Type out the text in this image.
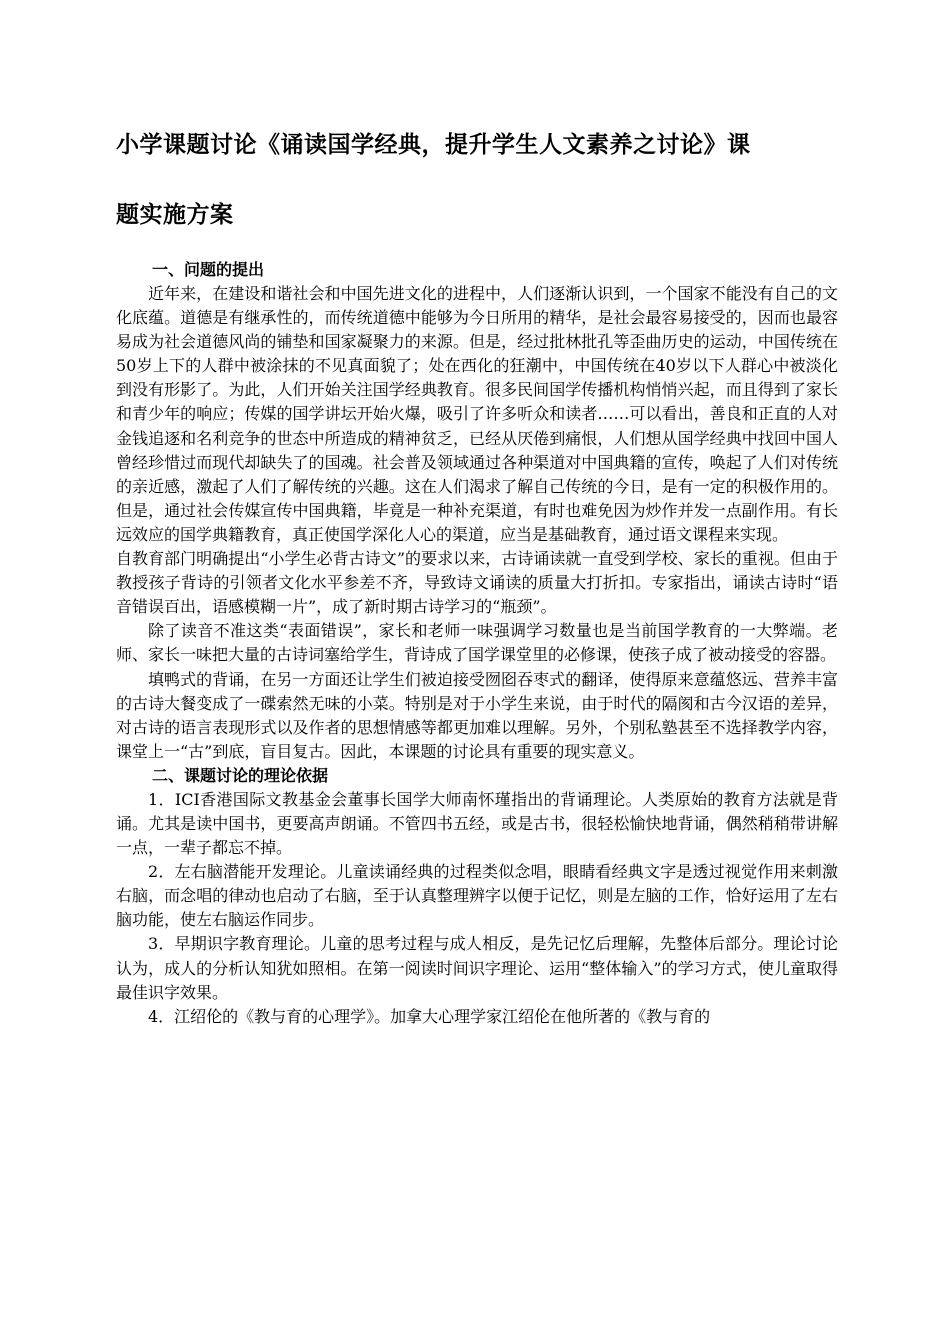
小学课题讨论《诵读国学经典，提升学生人文素养之讨论》课
题实施方案
一、问题的提出

近年来，在建设和谐社会和中国先进文化的进程中，人们逐渐认识到，一个国家不能没有自己的文化底蕴。道德是有继承性的，而传统道德中能够为今日所用的精华，是社会最容易接受的，因而也最容易成为社会道德风尚的铺垫和国家凝聚力的来源。但是，经过批林批孔等歪曲历史的运动，中国传统在50岁上下的人群中被涂抹的不见真面貌了；处在西化的狂潮中，中国传统在40岁以下人群心中被淡化到没有形影了。为此，人们开始关注国学经典教育。很多民间国学传播机构悄悄兴起，而且得到了家长和青少年的响应；传媒的国学讲坛开始火爆，吸引了许多听众和读者……可以看出，善良和正直的人对金钱追逐和名利竞争的世态中所造成的精神贫乏，已经从厌倦到痛恨，人们想从国学经典中找回中国人曾经珍惜过而现代却缺失了的国魂。社会普及领域通过各种渠道对中国典籍的宣传，唤起了人们对传统的亲近感，激起了人们了解传统的兴趣。这在人们渴求了解自己传统的今日，是有一定的积极作用的。但是，通过社会传媒宣传中国典籍，毕竟是一种补充渠道，有时也难免因为炒作并发一点副作用。有长远效应的国学典籍教育，真正使国学深化人心的渠道，应当是基础教育，通过语文课程来实现。

自教育部门明确提出“小学生必背古诗文”的要求以来，古诗诵读就一直受到学校、家长的重视。但由于教授孩子背诗的引领者文化水平参差不齐，导致诗文诵读的质量大打折扣。专家指出，诵读古诗时“语音错误百出，语感模糊一片”，成了新时期古诗学习的“瓶颈”。

除了读音不准这类“表面错误”，家长和老师一味强调学习数量也是当前国学教育的一大弊端。老师、家长一味把大量的古诗词塞给学生，背诗成了国学课堂里的必修课，使孩子成了被动接受的容器。

填鸭式的背诵，在另一方面还让学生们被迫接受囫囵吞枣式的翻译，使得原来意蕴悠远、营养丰富的古诗大餐变成了一碟索然无味的小菜。特别是对于小学生来说，由于时代的隔阂和古今汉语的差异，对古诗的语言表现形式以及作者的思想情感等都更加难以理解。另外，个别私塾甚至不选择教学内容，课堂上一“古”到底，盲目复古。因此，本课题的讨论具有重要的现实意义。

二、课题讨论的理论依据

1．ICI香港国际文教基金会董事长国学大师南怀瑾指出的背诵理论。人类原始的教育方法就是背诵。尤其是读中国书，更要高声朗诵。不管四书五经，或是古书，很轻松愉快地背诵，偶然稍稍带讲解一点，一辈子都忘不掉。

2．左右脑潜能开发理论。儿童读诵经典的过程类似念唱，眼睛看经典文字是透过视觉作用来刺激右脑，而念唱的律动也启动了右脑，至于认真整理辨字以便于记忆，则是左脑的工作，恰好运用了左右脑功能，使左右脑运作同步。

3．早期识字教育理论。儿童的思考过程与成人相反，是先记忆后理解，先整体后部分。理论讨论认为，成人的分析认知犹如照相。在第一阅读时间识字理论、运用“整体输入”的学习方式，使儿童取得最佳识字效果。

4．江绍伦的《教与育的心理学》。加拿大心理学家江绍伦在他所著的《教与育的
